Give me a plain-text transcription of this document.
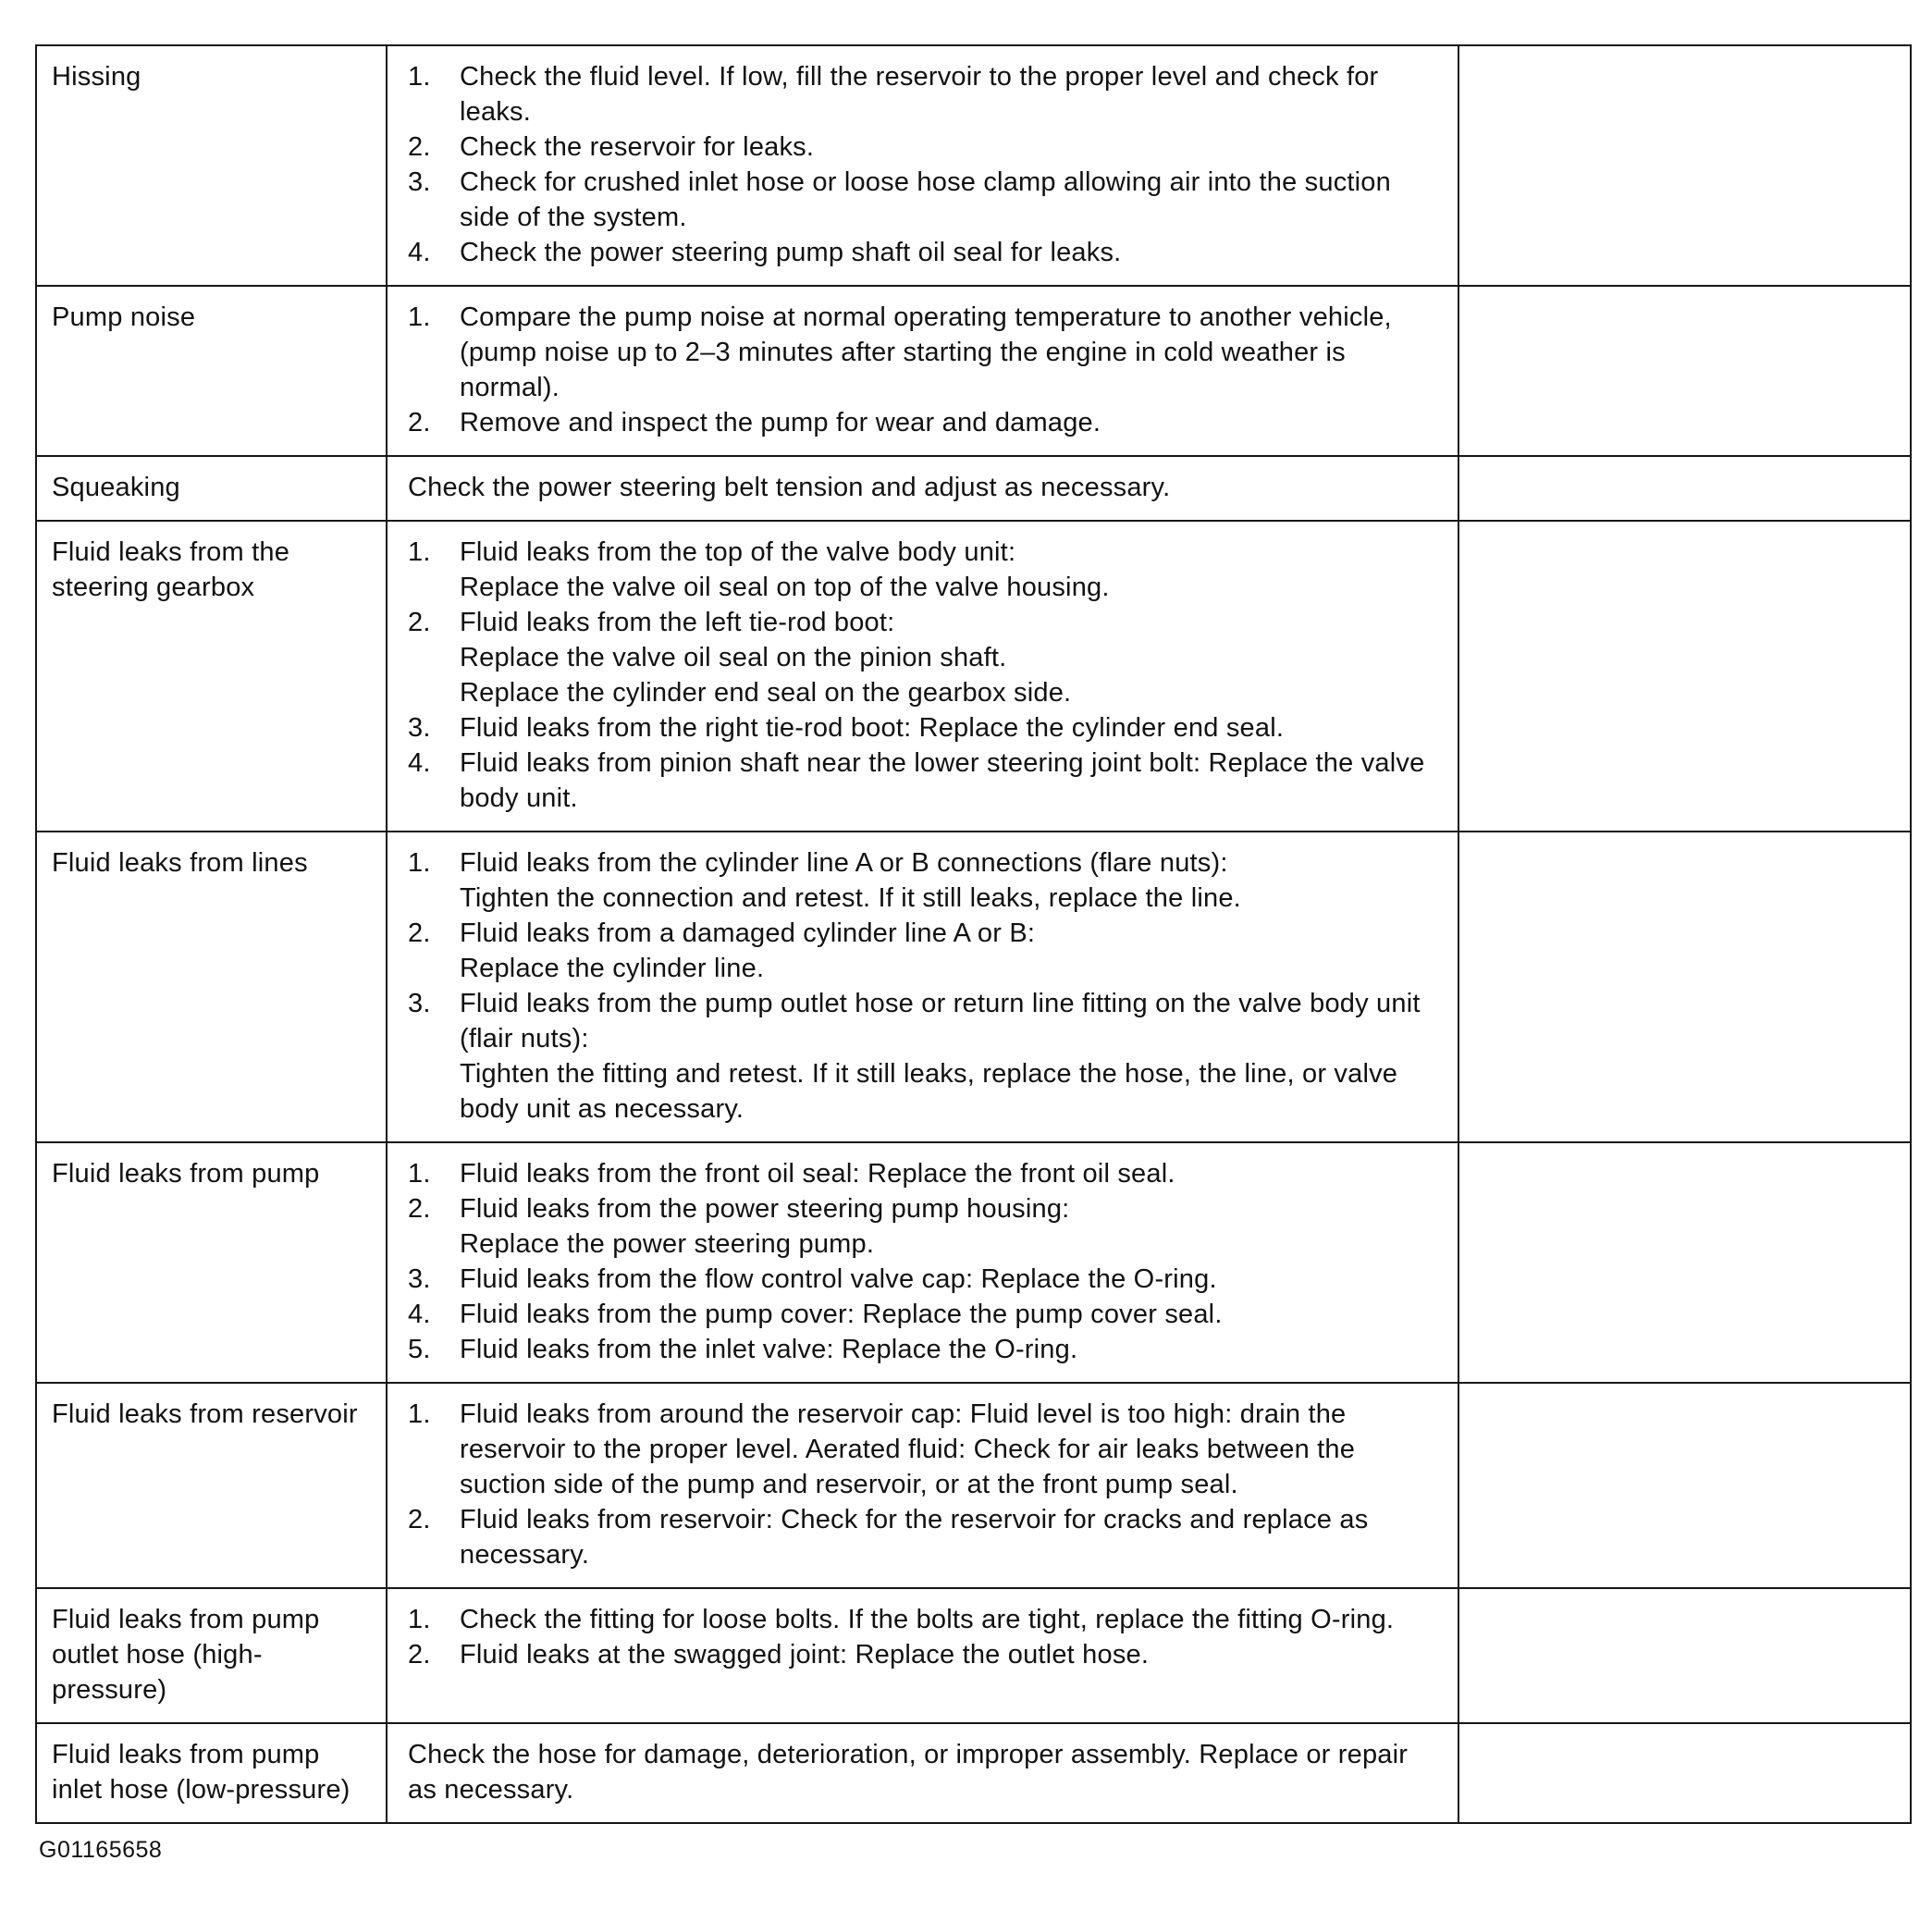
Hissing	1.	Check the fluid level. If low, fill the reservoir to the proper level and check for leaks.
2.	Check the reservoir for leaks.
3.	Check for crushed inlet hose or loose hose clamp allowing air into the suction side of the system.
4.	Check the power steering pump shaft oil seal for leaks.

Pump noise	1. Compare the pump noise at normal operating temperature to another vehicle, (pump noise up to 2–3 minutes after starting the engine in cold weather is normal).
2. Remove and inspect the pump for wear and damage.	

Squeaking	Check the power steering belt tension and adjust as necessary.	

Fluid leaks from the steering gearbox	
1.	Fluid leaks from the top of the valve body unit:
Replace the valve oil seal on top of the valve housing.
2.	Fluid leaks from the left tie-rod boot:
Replace the valve oil seal on the pinion shaft.
Replace the cylinder end seal on the gearbox side.
3.	Fluid leaks from the right tie-rod boot: Replace the cylinder end seal.
4.	Fluid leaks from pinion shaft near the lower steering joint bolt: Replace the valve body unit.

Fluid leaks from lines	1.	Fluid leaks from the cylinder line A or B connections (flare nuts):
Tighten the connection and retest. If it still leaks, replace the line.
2.	Fluid leaks from a damaged cylinder line A or B:
Replace the cylinder line.
3.	Fluid leaks from the pump outlet hose or return line fitting on the valve body unit (flair nuts):
Tighten the fitting and retest. If it still leaks, replace the hose, the line, or valve body unit as necessary.

Fluid leaks from pump	1.	Fluid leaks from the front oil seal: Replace the front oil seal.
2.	Fluid leaks from the power steering pump housing:
Replace the power steering pump.
3.	Fluid leaks from the flow control valve cap: Replace the O-ring.
4.	Fluid leaks from the pump cover: Replace the pump cover seal.
5.	Fluid leaks from the inlet valve: Replace the O-ring.

Fluid leaks from reservoir	1. Fluid leaks from around the reservoir cap: Fluid level is too high: drain the reservoir to the proper level. Aerated fluid: Check for air leaks between the suction side of the pump and reservoir, or at the front pump seal.
2. Fluid leaks from reservoir: Check for the reservoir for cracks and replace as necessary.	

Fluid leaks from pump outlet hose (high-pressure)	1. Check the fitting for loose bolts. If the bolts are tight, replace the fitting O-ring.
2. Fluid leaks at the swagged joint: Replace the outlet hose.	

Fluid leaks from pump inlet hose (low-pressure)	Check the hose for damage, deterioration, or improper assembly. Replace or repair as necessary.	

G01165658
